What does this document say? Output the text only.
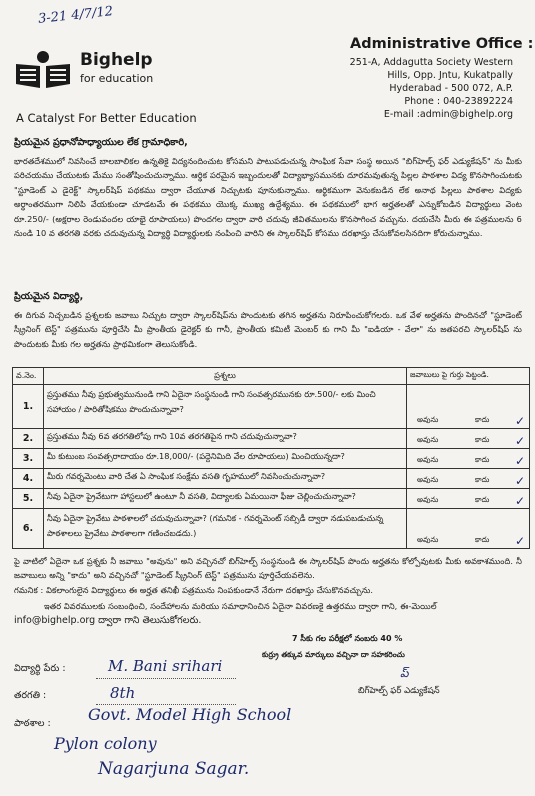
3-21 4/7/12
Bighelp
for education
A Catalyst For Better Education
Administrative Office :
251-A, Addagutta Society Western
Hills, Opp. Jntu, Kukatpally
Hyderabad - 500 072, A.P.
Phone : 040-23892224
E-mail :admin@bighelp.org
ప్రియమైన ప్రధానోపాధ్యాయుల లేక గ్రామాధికారి,
భారతదేశములో నివసించే బాలబాలికల ఉన్నతికై విద్యనందించుట కోసమని పాటుపడుచున్న సాంఘిక సేవా సంస్థ అయిన "బిగ్‌హెల్ప్ ఫర్ ఎడ్యుకేషన్" ను మీకు పరిచయము చేయుటకు మేము సంతోషించుచున్నాము. ఆర్థిక పరమైన ఇబ్బందులతో విద్యాభ్యాసమునకు దూరమవుతున్న పిల్లల పాఠశాల విద్య కొనసాగించుటకు "స్టూడెంట్ ఎ డైరెక్ట్" స్కాలర్‌షిప్ పథకము ద్వారా చేయూత నిచ్చుటకు పూనుకున్నాము. ఆర్థికముగా వెనుకబడిన లేక అనాథ పిల్లలు పాఠశాల విద్యకు అర్థాంతరముగా నిలిపి వేయకుండా చూడటమే ఈ పథకము యొక్క ముఖ్య ఉద్దేశ్యము. ఈ పథకములో భాగ అర్హతలతో ఎన్నుకోబడిన విద్యార్థులు వెంట రూ.250/- (అక్షరాల రెండువందల యాభై రూపాయలు) పొందగల ద్వారా వారి చదువు జీవితములను కొనసాగించ వచ్చును. దయచేసి మీరు ఈ పత్రములను 6 నుండి 10 వ తరగతి వరకు చదువుచున్న విద్యార్థి విద్యార్థులకు నంపించి వారిని ఈ స్కాలర్‌షిప్ కోసము దరఖాస్తు చేసుకోవలసినదిగా కోరుచున్నాము.
ప్రియమైన విద్యార్థి,
ఈ దిగువ నిచ్చబడిన ప్రశ్నలకు జవాబు నిచ్చుట ద్వారా స్కాలర్‌షిప్‌ను పొందుటకు తగిన అర్హతను నిరూపించుకోగలరు. ఒక వేళ అర్హతను పొందినచో "స్టూడెంట్ స్క్రీనింగ్ టెస్ట్" పత్రమును పూర్తిచేసి మీ ప్రాంతీయ డైరెక్టర్ కు గానీ, ప్రాంతీయ కమిటీ మెంబర్ కు గాని మీ "ఐడియా - వేలా" ను జతపరచి స్కాలర్‌షిప్ ను పొందుటకు మీకు గల అర్హతను ప్రాథమికంగా తెలుసుకోండి.
వ.నెం.	ప్రశ్నలు	జవాబులు పై గుర్తు పెట్టండి.
1.	ప్రస్తుతము నీవు ప్రభుత్వమునుండి గాని ఏదైనా సంస్థనుండి గాని సంవత్సరమునకు రూ.500/- లకు మించి సహాయం / పారితోషికము పొందుచున్నావా?	అవును కాదు ✓

2.	ప్రస్తుతము నీవు 6వ తరగతిలోపు గాని 10వ తరగతిపైన గాని చదువుచున్నావా?	అవును కాదు ✓

3.	మీ కుటుంబ సంవత్సరాదాయం రూ.18,000/- (పద్దెనిమిది వేల రూపాయలు) మించియున్నదా?	అవును కాదు ✓

4.	మీరు గవర్నమెంటు వారి చేత ఏ సాంఘిక సంక్షేమ వసతి గృహములో నివసించుచున్నావా?	అవును కాదు ✓

5.	నీవు ఏదైనా ప్రైవేటుగా హాస్టలులో ఉంటూ నీ వసతి, విద్యాలకు ఏమయినా ఫీజు చెల్లించుచున్నావా?	అవును కాదు ✓

6.	నీవు ఏదైనా ప్రైవేటు పాఠశాలలో చదువుచున్నావా? (గమనిక - గవర్నమెంట్ సబ్సిడీ ద్వారా నడుపబడుచున్న పాఠశాలలు ప్రైవేటు పాఠశాలగా గణించబడదు.)	అవును కాదు ✓
పై వాటిలో ఏదైనా ఒక ప్రశ్నకు నీ జవాబు "అవును" అని వచ్చినచో బిగ్‌హెల్ప్ సంస్థనుండి ఈ స్కాలర్‌షిప్ పొందు అర్హతను కోల్పోవుటకు మీకు అవకాశముంది. నీ జవాబులు అన్ని "కాదు" అని వచ్చినచో "స్టూడెంట్ స్క్రీనింగ్ టెస్ట్" పత్రమును పూర్తిచేయవలెను.
గమనిక : వికలాంగులైన విద్యార్థులు ఈ అర్హత తనిఖీ పత్రమును నింపకుండానే నేరుగా దరఖాస్తు చేసుకొనవచ్చును.
ఇతర వివరములకు సంబంధించి, సందేహాలను మరియు సమాధానించిన ఏదైనా వివరణకై ఉత్తరము ద్వారా గాని, ఈ-మెయిల్
info@bighelp.org ద్వారా గాని తెలుసుకోగలరు.
7 సీకు గల పరీక్షలో నంబరు 40 %
కుర్ర్రు తక్కువ మార్కులు వచ్చినా దా సహకరించు
విద్యార్థి పేరు :	M. Bani srihari
తరగతి :	8th
పాఠశాల : Govt. Model High School
Pylon colony
Nagarjuna Sagar.
ప్
బిగ్‌హెల్ప్ ఫర్ ఎడ్యుకేషన్
